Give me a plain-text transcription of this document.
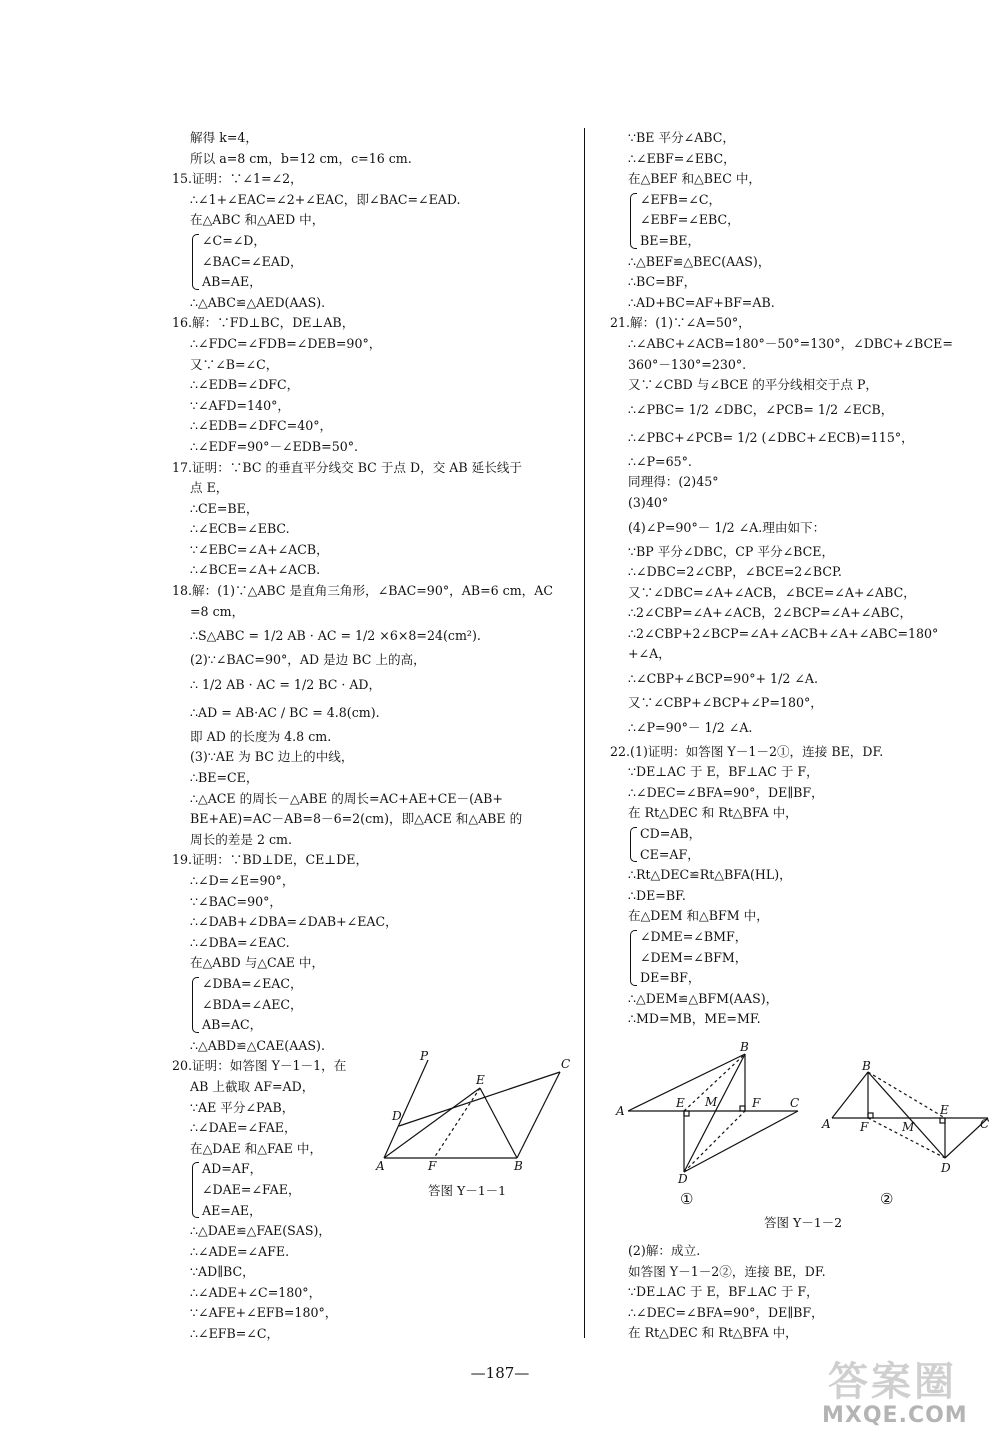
解得 k=4，
所以 a=8 cm，b=12 cm，c=16 cm.
15.证明：∵∠1=∠2，
∴∠1+∠EAC=∠2+∠EAC，即∠BAC=∠EAD.
在△ABC 和△AED 中，
∠C=∠D，
∠BAC=∠EAD，
AB=AE，
∴△ABC≌△AED(AAS).
16.解：∵FD⊥BC，DE⊥AB，
∴∠FDC=∠FDB=∠DEB=90°，
又∵∠B=∠C，
∴∠EDB=∠DFC，
∵∠AFD=140°，
∴∠EDB=∠DFC=40°，
∴∠EDF=90°－∠EDB=50°.
17.证明：∵BC 的垂直平分线交 BC 于点 D，交 AB 延长线于
点 E，
∴CE=BE，
∴∠ECB=∠EBC.
∵∠EBC=∠A+∠ACB，
∴∠BCE=∠A+∠ACB.
18.解：(1)∵△ABC 是直角三角形，∠BAC=90°，AB=6 cm，AC
=8 cm，
∴S△ABC = 1/2 AB · AC = 1/2 ×6×8=24(cm²).
(2)∵∠BAC=90°，AD 是边 BC 上的高，
∴ 1/2 AB · AC = 1/2 BC · AD，
∴AD = AB·AC / BC = 4.8(cm).
即 AD 的长度为 4.8 cm.
(3)∵AE 为 BC 边上的中线，
∴BE=CE，
∴△ACE 的周长－△ABE 的周长=AC+AE+CE－(AB+
BE+AE)=AC－AB=8－6=2(cm)，即△ACE 和△ABE 的
周长的差是 2 cm.
19.证明：∵BD⊥DE，CE⊥DE，
∴∠D=∠E=90°，
∵∠BAC=90°，
∴∠DAB+∠DBA=∠DAB+∠EAC，
∴∠DBA=∠EAC.
在△ABD 与△CAE 中，
∠DBA=∠EAC，
∠BDA=∠AEC，
AB=AC，
∴△ABD≌△CAE(AAS).
20.证明：如答图 Y－1－1，在
AB 上截取 AF=AD，
∵AE 平分∠PAB，
∴∠DAE=∠FAE，
在△DAE 和△FAE 中，
AD=AF，
∠DAE=∠FAE，
AE=AE，
∴△DAE≌△FAE(SAS)，
∴∠ADE=∠AFE.
∵AD∥BC，
∴∠ADE+∠C=180°，
∵∠AFE+∠EFB=180°，
∴∠EFB=∠C，
∵BE 平分∠ABC，
∴∠EBF=∠EBC，
在△BEF 和△BEC 中，
∠EFB=∠C，
∠EBF=∠EBC，
BE=BE，
∴△BEF≌△BEC(AAS)，
∴BC=BF，
∴AD+BC=AF+BF=AB.
21.解：(1)∵∠A=50°，
∴∠ABC+∠ACB=180°－50°=130°，∠DBC+∠BCE=
360°－130°=230°.
又∵∠CBD 与∠BCE 的平分线相交于点 P，
∴∠PBC= 1/2 ∠DBC，∠PCB= 1/2 ∠ECB，
∴∠PBC+∠PCB= 1/2 (∠DBC+∠ECB)=115°，
∴∠P=65°.
同理得：(2)45°
(3)40°
(4)∠P=90°－ 1/2 ∠A.理由如下：
∵BP 平分∠DBC，CP 平分∠BCE，
∴∠DBC=2∠CBP，∠BCE=2∠BCP.
又∵∠DBC=∠A+∠ACB，∠BCE=∠A+∠ABC，
∴2∠CBP=∠A+∠ACB，2∠BCP=∠A+∠ABC，
∴2∠CBP+2∠BCP=∠A+∠ACB+∠A+∠ABC=180°
+∠A，
∴∠CBP+∠BCP=90°+ 1/2 ∠A.
又∵∠CBP+∠BCP+∠P=180°，
∴∠P=90°－ 1/2 ∠A.
22.(1)证明：如答图 Y－1－2①，连接 BE，DF.
∵DE⊥AC 于 E，BF⊥AC 于 F，
∴∠DEC=∠BFA=90°，DE∥BF，
在 Rt△DEC 和 Rt△BFA 中，
CD=AB，
CE=AF，
∴Rt△DEC≌Rt△BFA(HL)，
∴DE=BF.
在△DEM 和△BFM 中，
∠DME=∠BMF，
∠DEM=∠BFM，
DE=BF，
∴△DEM≌△BFM(AAS)，
∴MD=MB，ME=MF.
(2)解：成立.
如答图 Y－1－2②，连接 BE，DF.
∵DE⊥AC 于 E，BF⊥AC 于 F，
∴∠DEC=∠BFA=90°，DE∥BF，
在 Rt△DEC 和 Rt△BFA 中，
P
C
E
D
A	F	B
答图 Y－1－1
B
A
E M	F C
D
①
B
A F	M
E
C
D
②
答图 Y－1－2
—187—	答案圈
MXQE.COM
